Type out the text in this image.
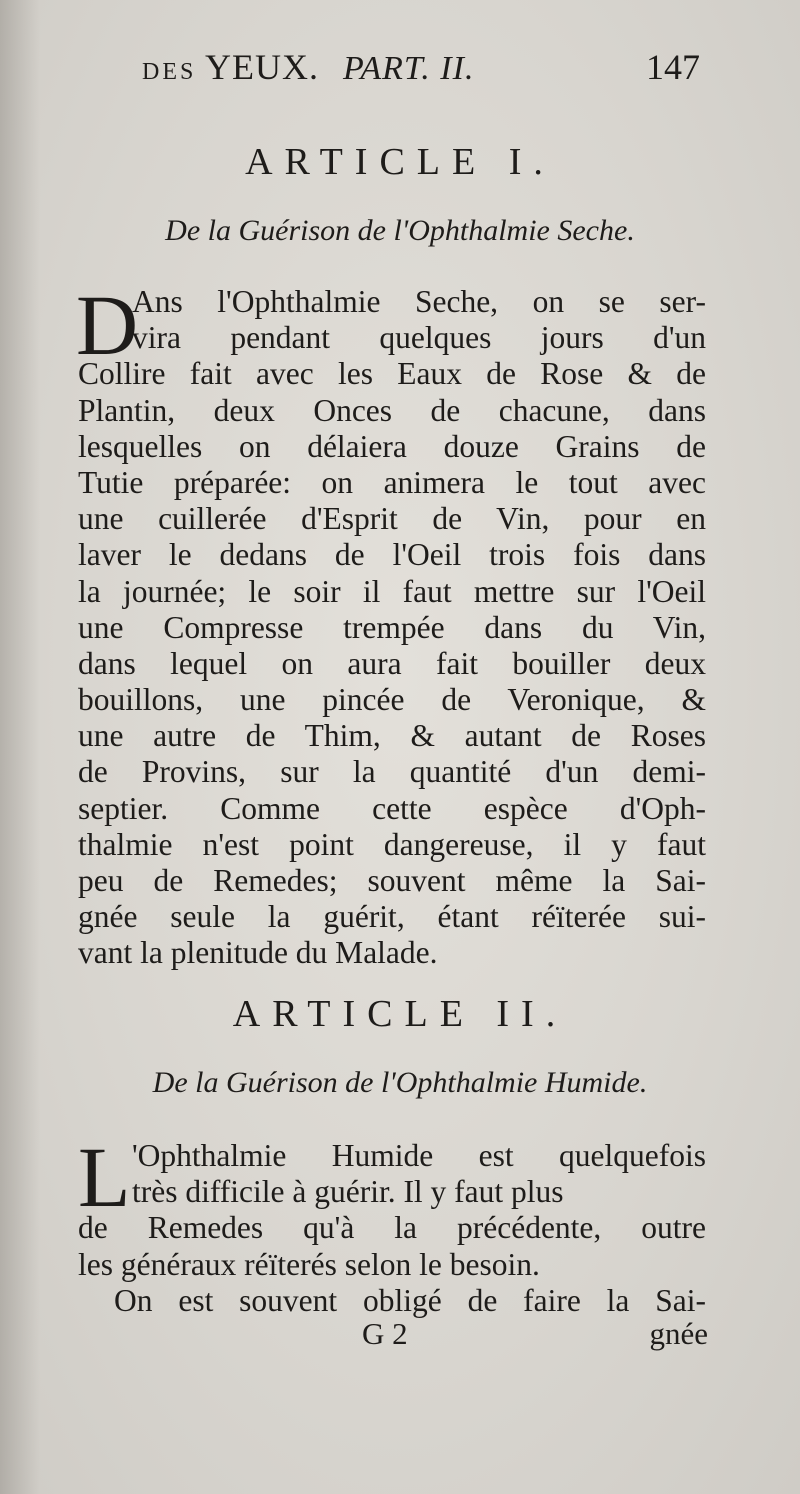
DES YEUX. PART. II.	147
ARTICLE I.
De la Guérison de l'Ophthalmie Seche.
D
Ans l'Ophthalmie Seche, on se ser-
vira pendant quelques jours d'un
Collire fait avec les Eaux de Rose & de
Plantin, deux Onces de chacune, dans
lesquelles on délaiera douze Grains de
Tutie préparée: on animera le tout avec
une cuillerée d'Esprit de Vin, pour en
laver le dedans de l'Oeil trois fois dans
la journée; le soir il faut mettre sur l'Oeil
une Compresse trempée dans du Vin,
dans lequel on aura fait bouiller deux
bouillons, une pincée de Veronique, &
une autre de Thim, & autant de Roses
de Provins, sur la quantité d'un demi-
septier. Comme cette espèce d'Oph-
thalmie n'est point dangereuse, il y faut
peu de Remedes; souvent même la Sai-
gnée seule la guérit, étant réïterée sui-
vant la plenitude du Malade.
ARTICLE II.
De la Guérison de l'Ophthalmie Humide.
L 'Ophthalmie Humide est quelquefois
très difficile à guérir. Il y faut plus
de Remedes qu'à la précédente, outre
les généraux réïterés selon le besoin.
On est souvent obligé de faire la Sai-
G 2	gnée
